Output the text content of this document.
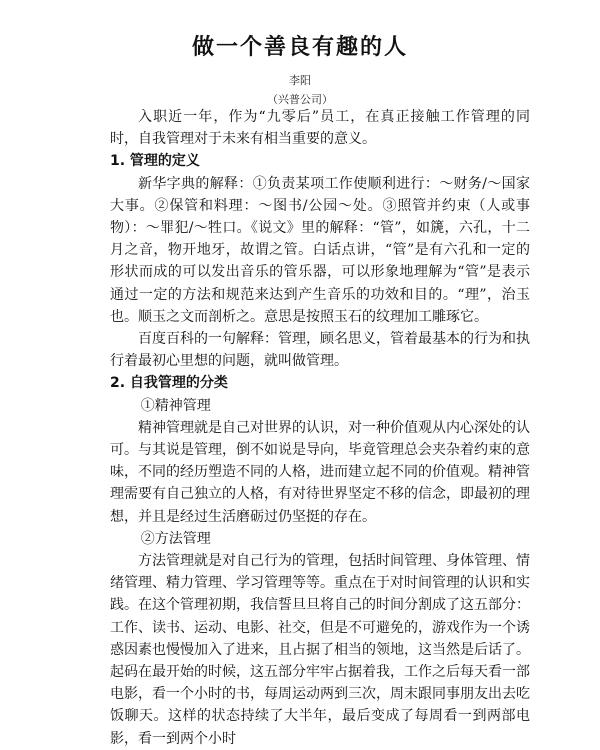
做一个善良有趣的人
李阳
（兴普公司）

入职近一年，作为“九零后”员工，在真正接触工作管理的同时，自我管理对于未来有相当重要的意义。

1. 管理的定义

新华字典的解释：①负责某项工作使顺利进行：～财务/～国家大事。②保管和料理：～图书/公园～处。③照管并约束（人或事物）：～罪犯/～牲口。《说文》里的解释：“管”，如篪，六孔，十二月之音，物开地牙，故谓之管。白话点讲，“管”是有六孔和一定的形状而成的可以发出音乐的管乐器，可以形象地理解为“管”是表示通过一定的方法和规范来达到产生音乐的功效和目的。“理”，治玉也。顺玉之文而剖析之。意思是按照玉石的纹理加工雕琢它。

百度百科的一句解释：管理，顾名思义，管着最基本的行为和执行着最初心里想的问题，就叫做管理。

2. 自我管理的分类

①精神管理

精神管理就是自己对世界的认识，对一种价值观从内心深处的认可。与其说是管理，倒不如说是导向，毕竟管理总会夹杂着约束的意味，不同的经历塑造不同的人格，进而建立起不同的价值观。精神管理需要有自己独立的人格，有对待世界坚定不移的信念，即最初的理想，并且是经过生活磨砺过仍坚挺的存在。

②方法管理

方法管理就是对自己行为的管理，包括时间管理、身体管理、情绪管理、精力管理、学习管理等等。重点在于对时间管理的认识和实践。在这个管理初期，我信誓旦旦将自己的时间分割成了这五部分：工作、读书、运动、电影、社交，但是不可避免的，游戏作为一个诱惑因素也慢慢加入了进来，且占据了相当的领地，这当然是后话了。起码在最开始的时候，这五部分牢牢占据着我，工作之后每天看一部电影，看一个小时的书，每周运动两到三次，周末跟同事朋友出去吃饭聊天。这样的状态持续了大半年，最后变成了每周看一到两部电影，看一到两个小时
